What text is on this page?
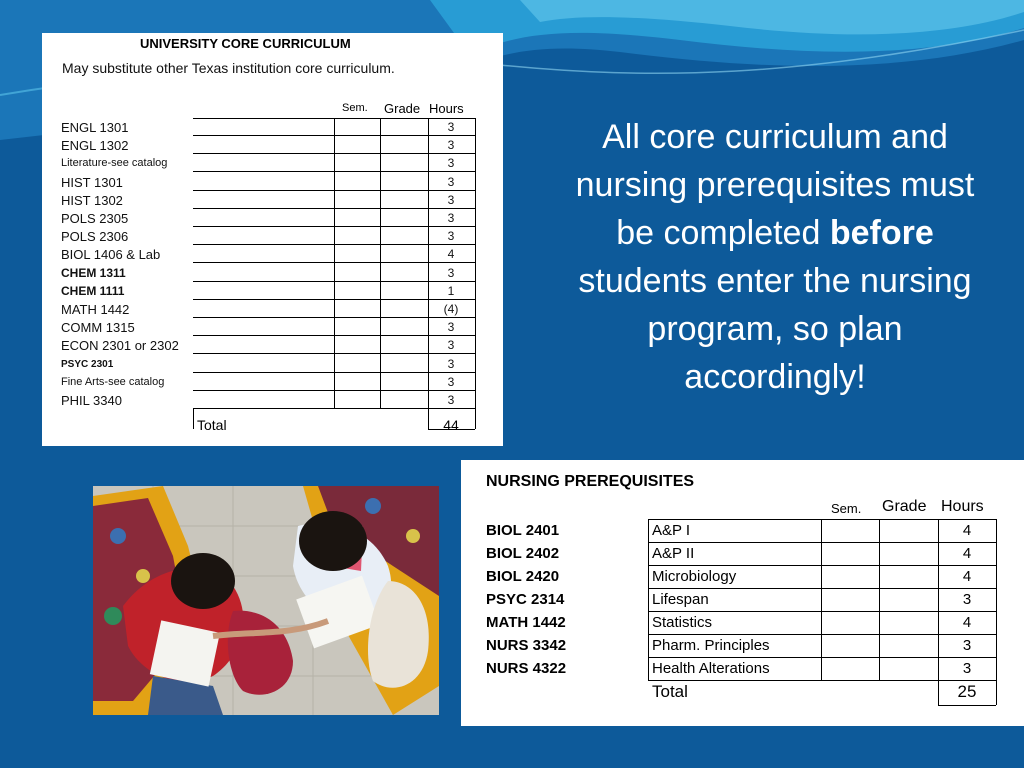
UNIVERSITY CORE CURRICULUM
May substitute other Texas institution core curriculum.
Sem. Grade Hours
ENGL 1301	3
ENGL 1302	3
Literature-see catalog	3
HIST 1301	3
HIST 1302	3
POLS 2305	3
POLS 2306	3
BIOL 1406 & Lab	4
CHEM 1311	3
CHEM 1111	1
MATH 1442	(4)
COMM 1315	3
ECON 2301 or 2302	3
PSYC 2301	3
Fine Arts-see catalog	3
PHIL 3340	3
Total	44
All core curriculum and nursing prerequisites must be completed before students enter the nursing program, so plan accordingly!
NURSING PREREQUISITES
Sem. Grade Hours
BIOL 2401	A&P I	4
BIOL 2402	A&P II	4
BIOL 2420	Microbiology	4
PSYC 2314	Lifespan	3
MATH 1442	Statistics	4
NURS 3342	Pharm. Principles	3
NURS 4322	Health Alterations	3
Total	25
